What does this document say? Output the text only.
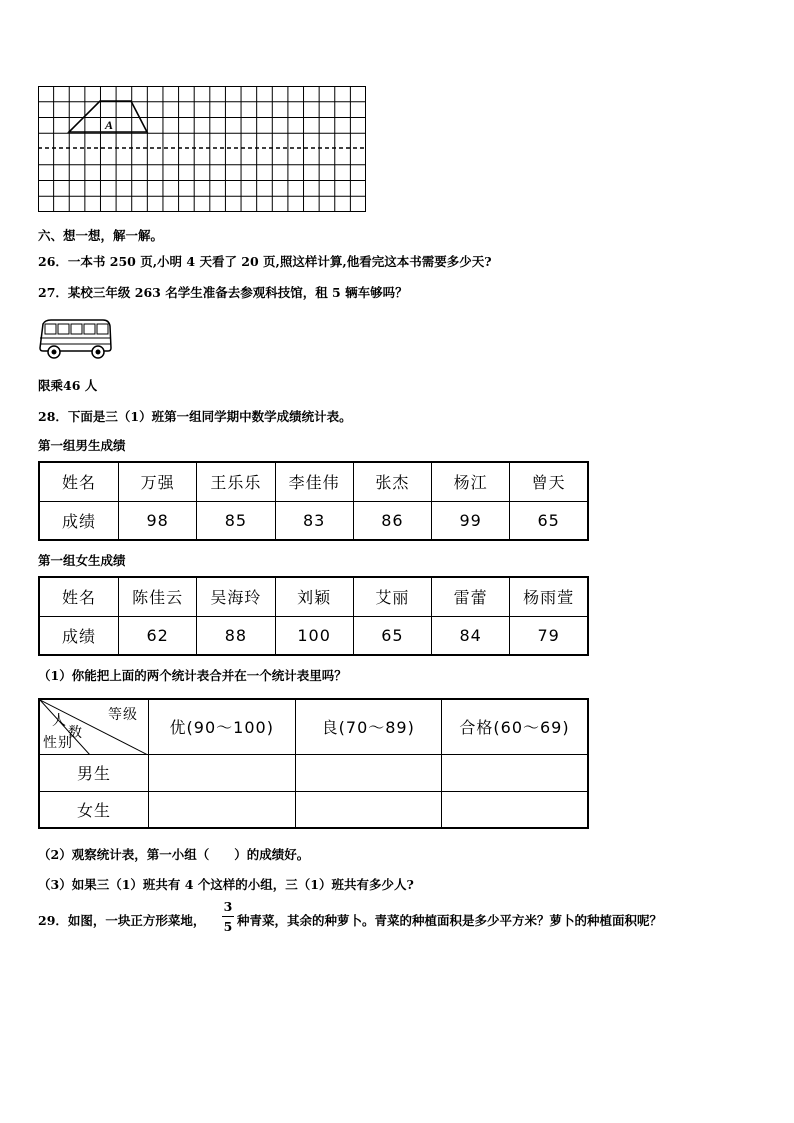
A
六、想一想，解一解。
26．一本书 250 页,小明 4 天看了 20 页,照这样计算,他看完这本书需要多少天?
27．某校三年级 263 名学生准备去参观科技馆，租 5 辆车够吗？
限乘46 人
28．下面是三（1）班第一组同学期中数学成绩统计表。
第一组男生成绩
姓名	万强	王乐乐	李佳伟	张杰	杨江	曾天
成绩	98	85	83	86	99	65
第一组女生成绩
姓名	陈佳云	吴海玲	刘颖	艾丽	雷蕾	杨雨萱
成绩	62	88	100	65	84	79
（1）你能把上面的两个统计表合并在一个统计表里吗？
等级
人
数
性别	优(90～100)	良(70～89)	合格(60～69)
男生			
女生			
（2）观察统计表，第一小组（　　）的成绩好。
（3）如果三（1）班共有 4 个这样的小组，三（1）班共有多少人?
29．如图，一块正方形菜地，
3
5 种青菜，其余的种萝卜。青菜的种植面积是多少平方米？萝卜的种植面积呢？
